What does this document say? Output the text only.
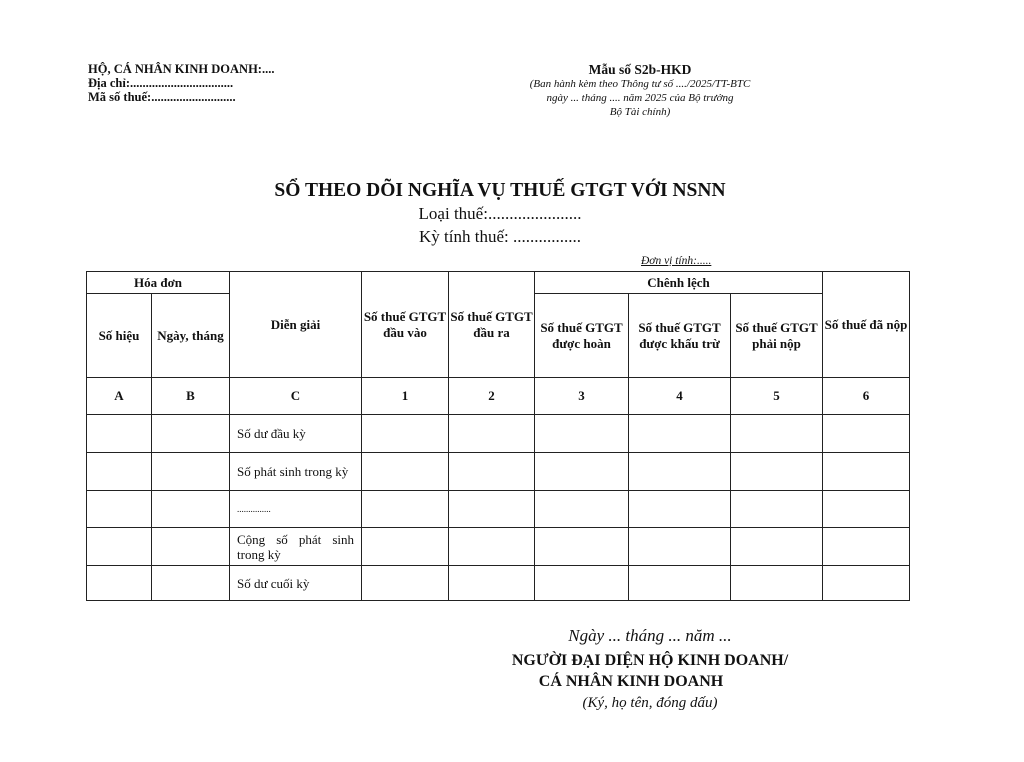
HỘ, CÁ NHÂN KINH DOANH:....
Địa chỉ:.................................
Mã số thuế:...........................
Mẫu số S2b-HKD
(Ban hành kèm theo Thông tư số ..../2025/TT-BTC
ngày ... tháng .... năm 2025 của Bộ trưởng
Bộ Tài chính)
SỔ THEO DÕI NGHĨA VỤ THUẾ GTGT VỚI NSNN
Loại thuế:......................
Kỳ tính thuế: ................
Đơn vị tính:.....
Hóa đơn		Diễn giải	Số thuế GTGT đầu vào	Số thuế GTGT đầu ra	Chênh lệch			Số thuế đã nộp
Số hiệu	Ngày, tháng				Số thuế GTGT được hoàn	Số thuế GTGT được khấu trừ	Số thuế GTGT phải nộp	
A	B	C	1	2	3	4	5	6
		Số dư đầu kỳ						
		Số phát sinh trong kỳ						
		...............						
		Cộng số phát sinh trong kỳ						
		Số dư cuối kỳ						
Ngày ... tháng ... năm ...
NGƯỜI ĐẠI DIỆN HỘ KINH DOANH/
CÁ NHÂN KINH DOANH
(Ký, họ tên, đóng dấu)
